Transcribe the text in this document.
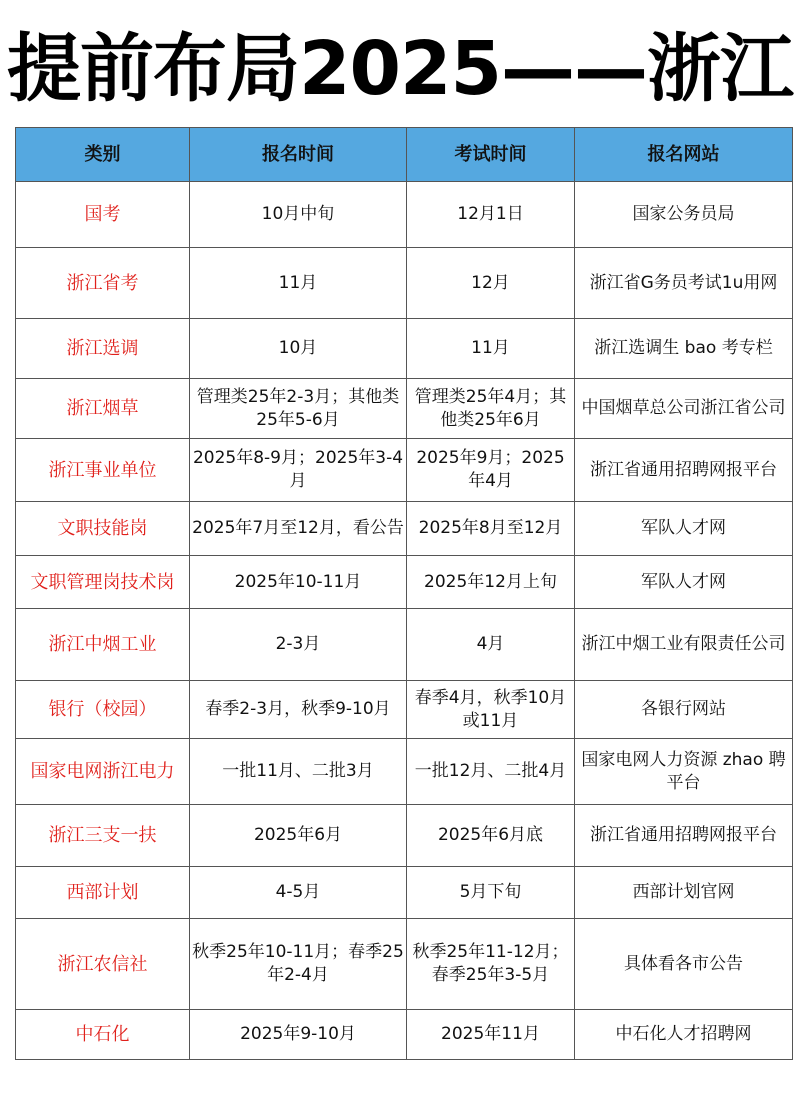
提前布局2025——浙江
类别	报名时间	考试时间	报名网站
国考	10月中旬	12月1日	国家公务员局
浙江省考	11月	12月	浙江省G务员考试1u用网
浙江选调	10月	11月	浙江选调生 bao 考专栏
浙江烟草	管理类25年2-3月；其他类25年5-6月	管理类25年4月；其他类25年6月	中国烟草总公司浙江省公司
浙江事业单位	2025年8-9月；2025年3-4月	2025年9月；2025年4月	浙江省通用招聘网报平台
文职技能岗	2025年7月至12月，看公告	2025年8月至12月	军队人才网
文职管理岗技术岗	2025年10-11月	2025年12月上旬	军队人才网
浙江中烟工业	2-3月	4月	浙江中烟工业有限责任公司
银行（校园）	春季2-3月，秋季9-10月	春季4月，秋季10月或11月	各银行网站
国家电网浙江电力	一批11月、二批3月	一批12月、二批4月	国家电网人力资源 zhao 聘平台
浙江三支一扶	2025年6月	2025年6月底	浙江省通用招聘网报平台
西部计划	4-5月	5月下旬	西部计划官网
浙江农信社	秋季25年10-11月；春季25年2-4月	秋季25年11-12月；春季25年3-5月	具体看各市公告
中石化	2025年9-10月	2025年11月	中石化人才招聘网
